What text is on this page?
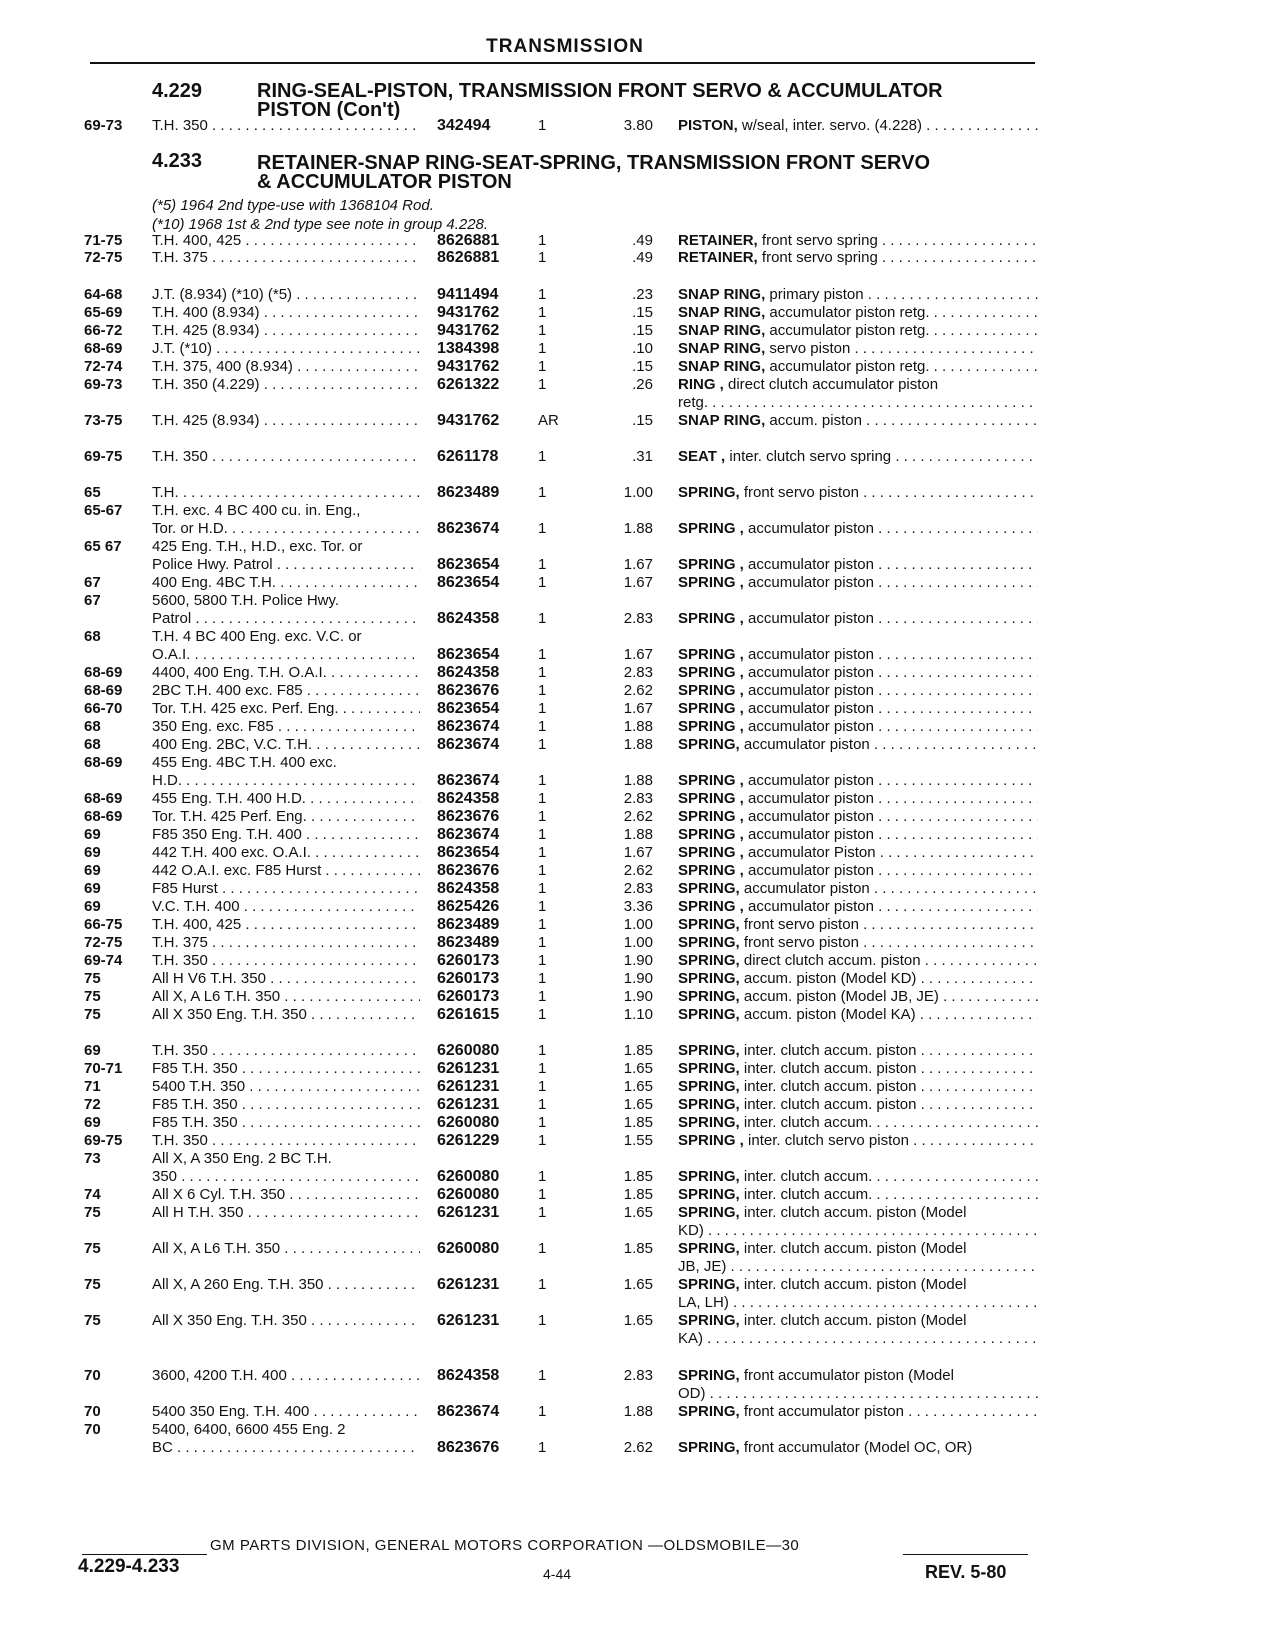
TRANSMISSION
4.229	RING-SEAL-PISTON, TRANSMISSION FRONT SERVO & ACCUMULATOR
PISTON (Con't)
4.233	RETAINER-SNAP RING-SEAT-SPRING, TRANSMISSION FRONT SERVO
& ACCUMULATOR PISTON
(*5) 1964 2nd type-use with 1368104 Rod.
(*10) 1968 1st & 2nd type see note in group 4.228.
69-73 T.H. 350 . . .	342494	1	3.80 PISTON, w/seal, inter. servo. (4.228) . . .
71-75 T.H. 400, 425 . . .	8626881	1	.49 RETAINER, front servo spring . . .
72-75 T.H. 375 . . .	8626881	1	.49 RETAINER, front servo spring . . .
64-68 J.T. (8.934) (*10) (*5) . . .	9411494	1	.23 SNAP RING, primary piston . . .
65-69 T.H. 400 (8.934) . . .	9431762	1	.15 SNAP RING, accumulator piston retg. . . .
66-72 T.H. 425 (8.934) . . .	9431762	1	.15 SNAP RING, accumulator piston retg. . . .
68-69 J.T. (*10) . . .	1384398	1	.10 SNAP RING, servo piston . . .
72-74 T.H. 375, 400 (8.934) . . .	9431762	1	.15 SNAP RING, accumulator piston retg. . . .
69-73 T.H. 350 (4.229) . . .	6261322	1	.26 RING , direct clutch accumulator piston
retg. . . .
73-75 T.H. 425 (8.934) . . .	9431762	AR	.15 SNAP RING, accum. piston . . .
69-75 T.H. 350 . . .	6261178	1	.31 SEAT , inter. clutch servo spring . . .
65	T.H. . . .	8623489	1	1.00 SPRING, front servo piston . . .
65-67 T.H. exc. 4 BC 400 cu. in. Eng.,
Tor. or H.D. . . .	8623674	1	1.88 SPRING , accumulator piston . . .
65 67 425 Eng. T.H., H.D., exc. Tor. or
Police Hwy. Patrol . . .	8623654	1	1.67 SPRING , accumulator piston . . .
67	400 Eng. 4BC T.H. . . .	8623654	1	1.67 SPRING , accumulator piston . . .
67	5600, 5800 T.H. Police Hwy.
Patrol . . .	8624358	1	2.83 SPRING , accumulator piston . . .
68	T.H. 4 BC 400 Eng. exc. V.C. or
O.A.I. . . .	8623654	1	1.67 SPRING , accumulator piston . . .
68-69 4400, 400 Eng. T.H. O.A.I. . . .	8624358	1	2.83 SPRING , accumulator piston . . .
68-69 2BC T.H. 400 exc. F85 . . .	8623676	1	2.62 SPRING , accumulator piston . . .
66-70 Tor. T.H. 425 exc. Perf. Eng. . . .	8623654	1	1.67 SPRING , accumulator piston . . .
68	350 Eng. exc. F85 . . .	8623674	1	1.88 SPRING , accumulator piston . . .
68	400 Eng. 2BC, V.C. T.H. . . .	8623674	1	1.88 SPRING, accumulator piston . . .
68-69 455 Eng. 4BC T.H. 400 exc.
H.D. . . .	8623674	1	1.88 SPRING , accumulator piston . . .
68-69 455 Eng. T.H. 400 H.D. . . .	8624358	1	2.83 SPRING , accumulator piston . . .
68-69 Tor. T.H. 425 Perf. Eng. . . .	8623676	1	2.62 SPRING , accumulator piston . . .
69	F85 350 Eng. T.H. 400 . . .	8623674	1	1.88 SPRING , accumulator piston . . .
69	442 T.H. 400 exc. O.A.I. . . .	8623654	1	1.67 SPRING , accumulator Piston . . .
69	442 O.A.I. exc. F85 Hurst . . .	8623676	1	2.62 SPRING , accumulator piston . . .
69	F85 Hurst . . .	8624358	1	2.83 SPRING, accumulator piston . . .
69	V.C. T.H. 400 . . .	8625426	1	3.36 SPRING , accumulator piston . . .
66-75 T.H. 400, 425 . . .	8623489	1	1.00 SPRING, front servo piston . . .
72-75 T.H. 375 . . .	8623489	1	1.00 SPRING, front servo piston . . .
69-74 T.H. 350 . . .	6260173	1	1.90 SPRING, direct clutch accum. piston . . .
75	All H V6 T.H. 350 . . .	6260173	1	1.90 SPRING, accum. piston (Model KD) . . .
75	All X, A L6 T.H. 350 . . .	6260173	1	1.90 SPRING, accum. piston (Model JB, JE) . . .
75	All X 350 Eng. T.H. 350 . . .	6261615	1	1.10 SPRING, accum. piston (Model KA) . . .
69	T.H. 350 . . .	6260080	1	1.85 SPRING, inter. clutch accum. piston . . .
70-71 F85 T.H. 350 . . .	6261231	1	1.65 SPRING, inter. clutch accum. piston . . .
71	5400 T.H. 350 . . .	6261231	1	1.65 SPRING, inter. clutch accum. piston . . .
72	F85 T.H. 350 . . .	6261231	1	1.65 SPRING, inter. clutch accum. piston . . .
69	F85 T.H. 350 . . .	6260080	1	1.85 SPRING, inter. clutch accum. . . .
69-75 T.H. 350 . . .	6261229	1	1.55 SPRING , inter. clutch servo piston . . .
73	All X, A 350 Eng. 2 BC T.H.
350 . . .	6260080	1	1.85 SPRING, inter. clutch accum. . . .
74	All X 6 Cyl. T.H. 350 . . .	6260080	1	1.85 SPRING, inter. clutch accum. . . .
75	All H T.H. 350 . . .	6261231	1	1.65 SPRING, inter. clutch accum. piston (Model
KD) . . .
75	All X, A L6 T.H. 350 . . .	6260080	1	1.85 SPRING, inter. clutch accum. piston (Model
JB, JE) . . .
75	All X, A 260 Eng. T.H. 350 . . .	6261231	1	1.65 SPRING, inter. clutch accum. piston (Model
LA, LH) . . .
75	All X 350 Eng. T.H. 350 . . .	6261231	1	1.65 SPRING, inter. clutch accum. piston (Model
KA) . . .
70	3600, 4200 T.H. 400 . . .	8624358	1	2.83 SPRING, front accumulator piston (Model
OD) . . .
70	5400 350 Eng. T.H. 400 . . .	8623674	1	1.88 SPRING, front accumulator piston . . .
70	5400, 6400, 6600 455 Eng. 2
BC . . .	8623676	1	2.62 SPRING, front accumulator (Model OC, OR)
GM PARTS DIVISION, GENERAL MOTORS CORPORATION —OLDSMOBILE—30
4.229-4.233	4-44	REV. 5-80
